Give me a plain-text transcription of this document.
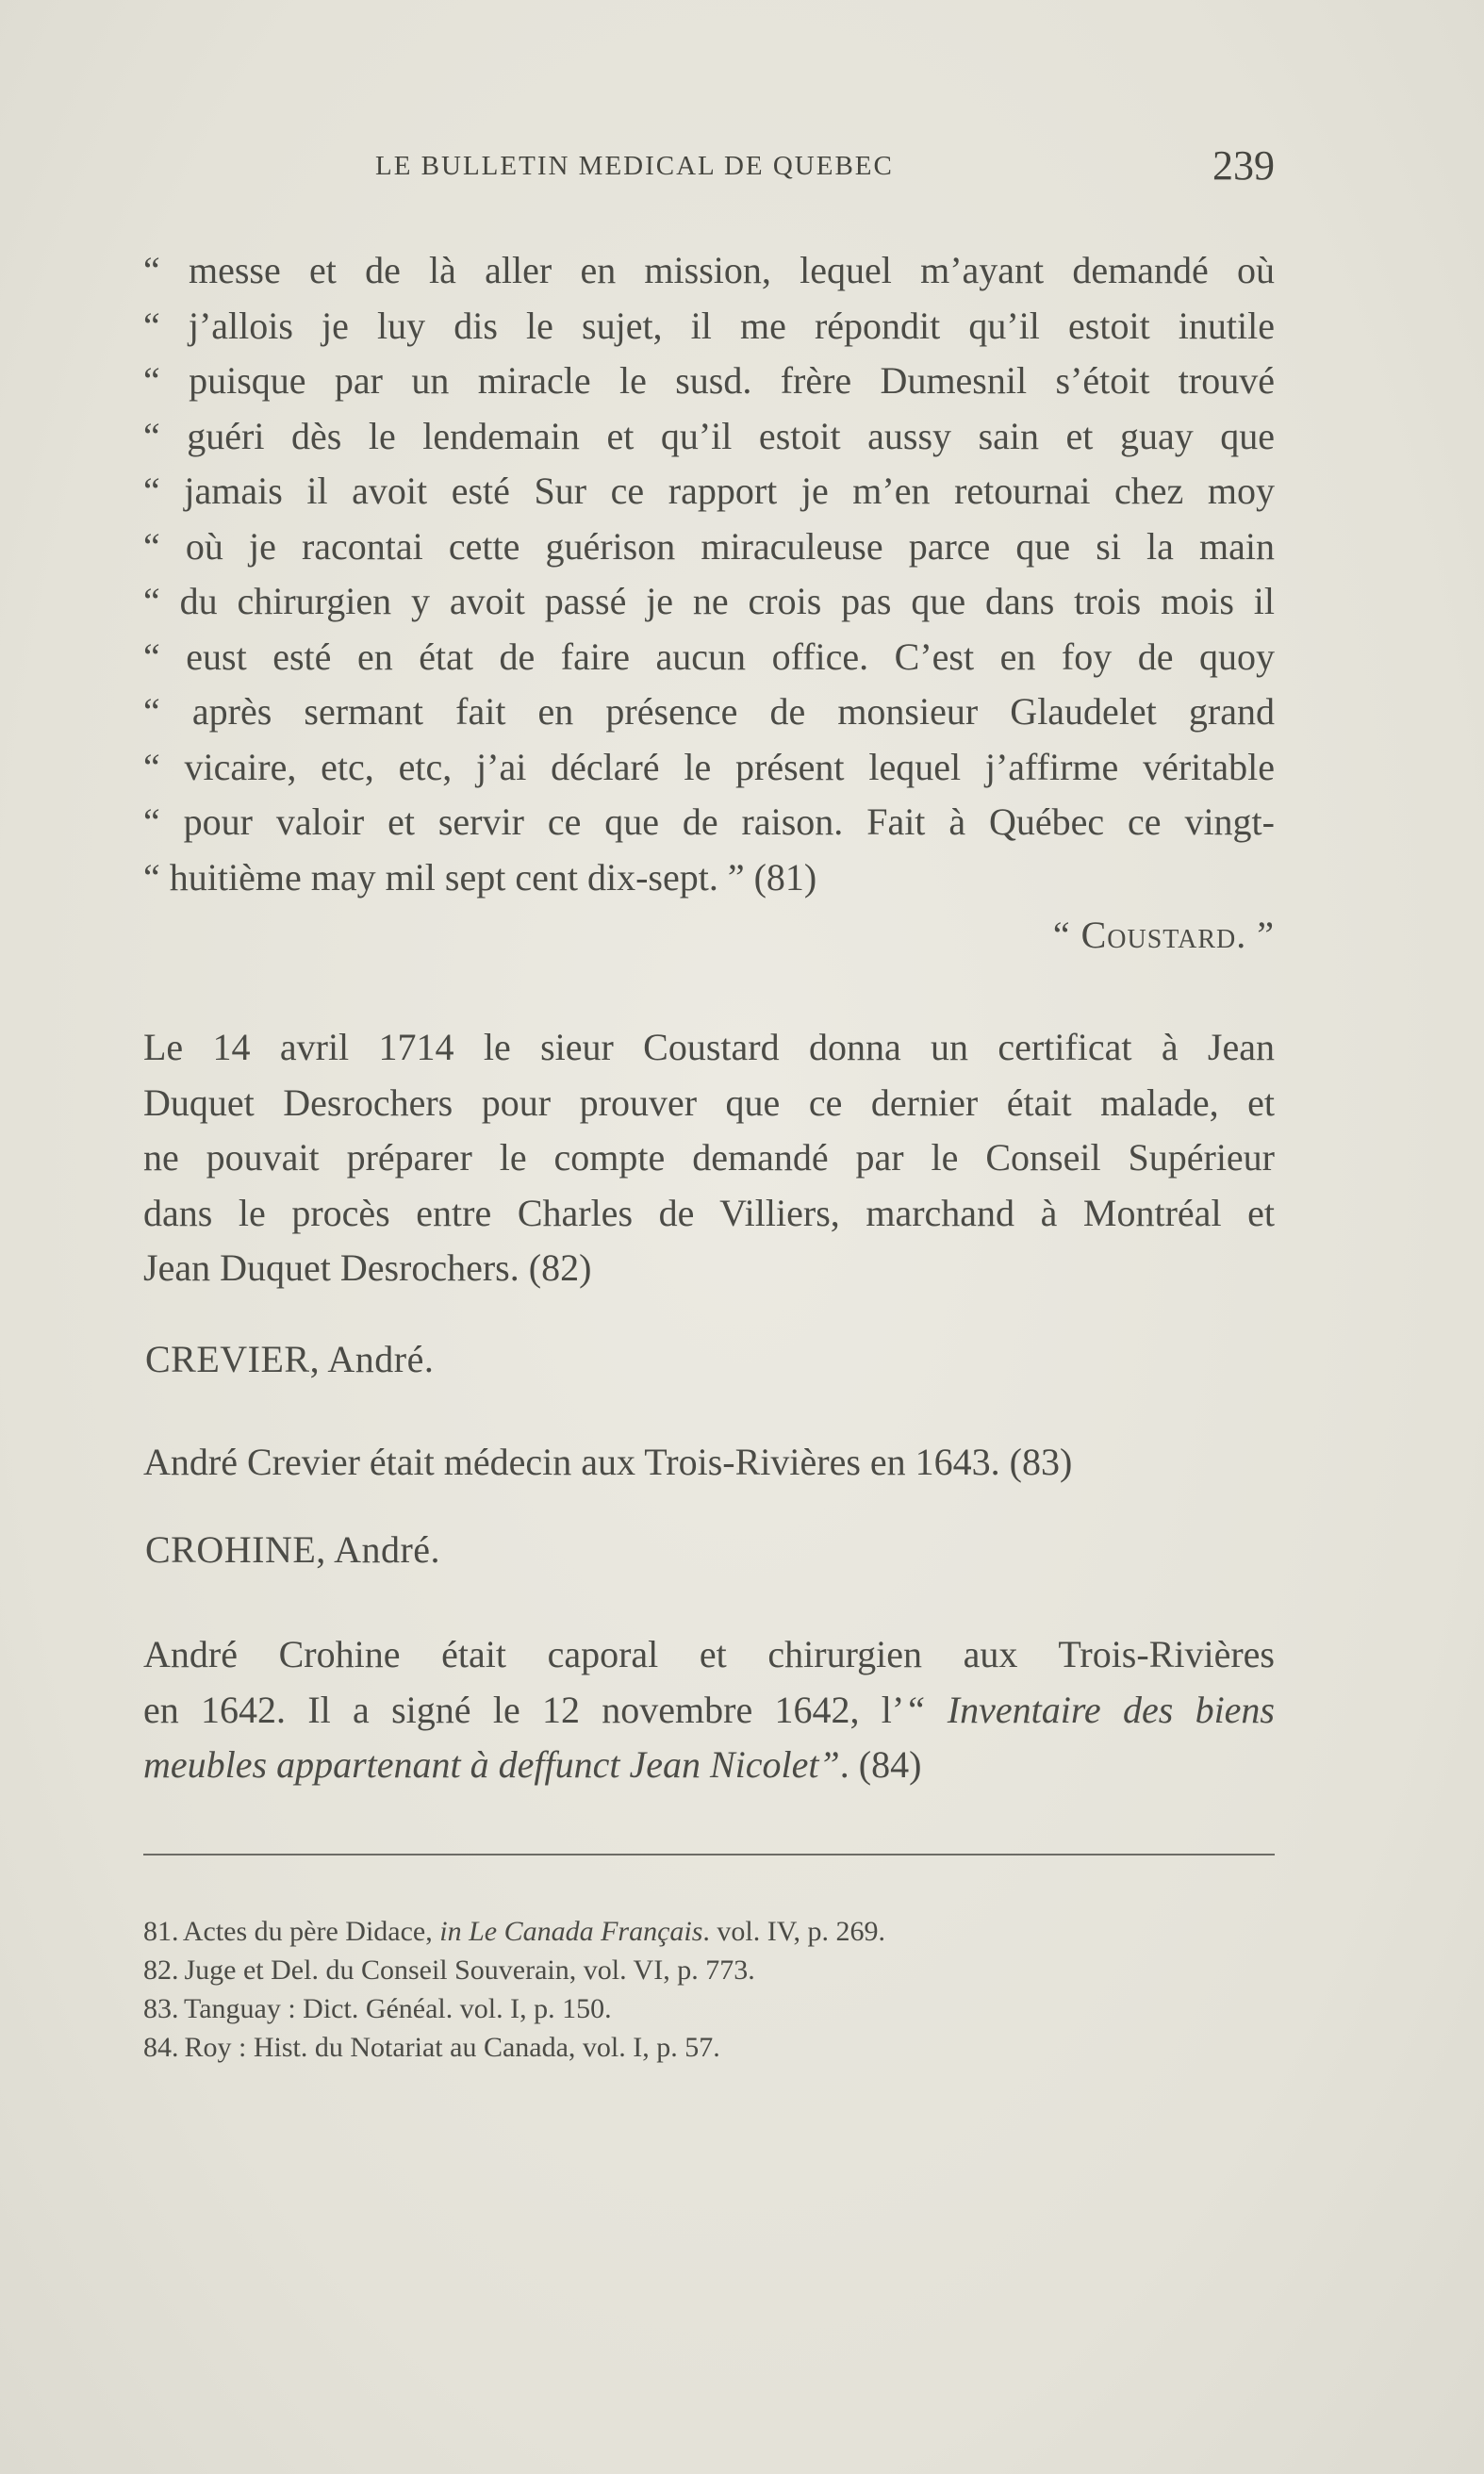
LE BULLETIN MEDICAL DE QUEBEC	239
“ messe et de là aller en mission, lequel m’ayant demandé où
“ j’allois je luy dis le sujet, il me répondit qu’il estoit inutile
“ puisque par un miracle le susd. frère Dumesnil s’étoit trouvé
“ guéri dès le lendemain et qu’il estoit aussy sain et guay que
“ jamais il avoit esté Sur ce rapport je m’en retournai chez moy
“ où je racontai cette guérison miraculeuse parce que si la main
“ du chirurgien y avoit passé je ne crois pas que dans trois mois il
“ eust esté en état de faire aucun office. C’est en foy de quoy
“ après sermant fait en présence de monsieur Glaudelet grand
“ vicaire, etc, etc, j’ai déclaré le présent lequel j’affirme véritable
“ pour valoir et servir ce que de raison. Fait à Québec ce vingt-
“ huitième may mil sept cent dix-sept. ” (81)
“ Coustard. ”
Le 14 avril 1714 le sieur Coustard donna un certificat à Jean
Duquet Desrochers pour prouver que ce dernier était malade, et
ne pouvait préparer le compte demandé par le Conseil Supérieur
dans le procès entre Charles de Villiers, marchand à Montréal et
Jean Duquet Desrochers. (82)
CREVIER, André.
André Crevier était médecin aux Trois-Rivières en 1643. (83)
CROHINE, André.
André Crohine était caporal et chirurgien aux Trois-Rivières
en 1642. Il a signé le 12 novembre 1642, l’“ Inventaire des biens
meubles appartenant à deffunct Jean Nicolet”. (84)
81. Actes du père Didace, in Le Canada Français. vol. IV, p. 269.
82. Juge et Del. du Conseil Souverain, vol. VI, p. 773.
83. Tanguay : Dict. Généal. vol. I, p. 150.
84. Roy : Hist. du Notariat au Canada, vol. I, p. 57.
